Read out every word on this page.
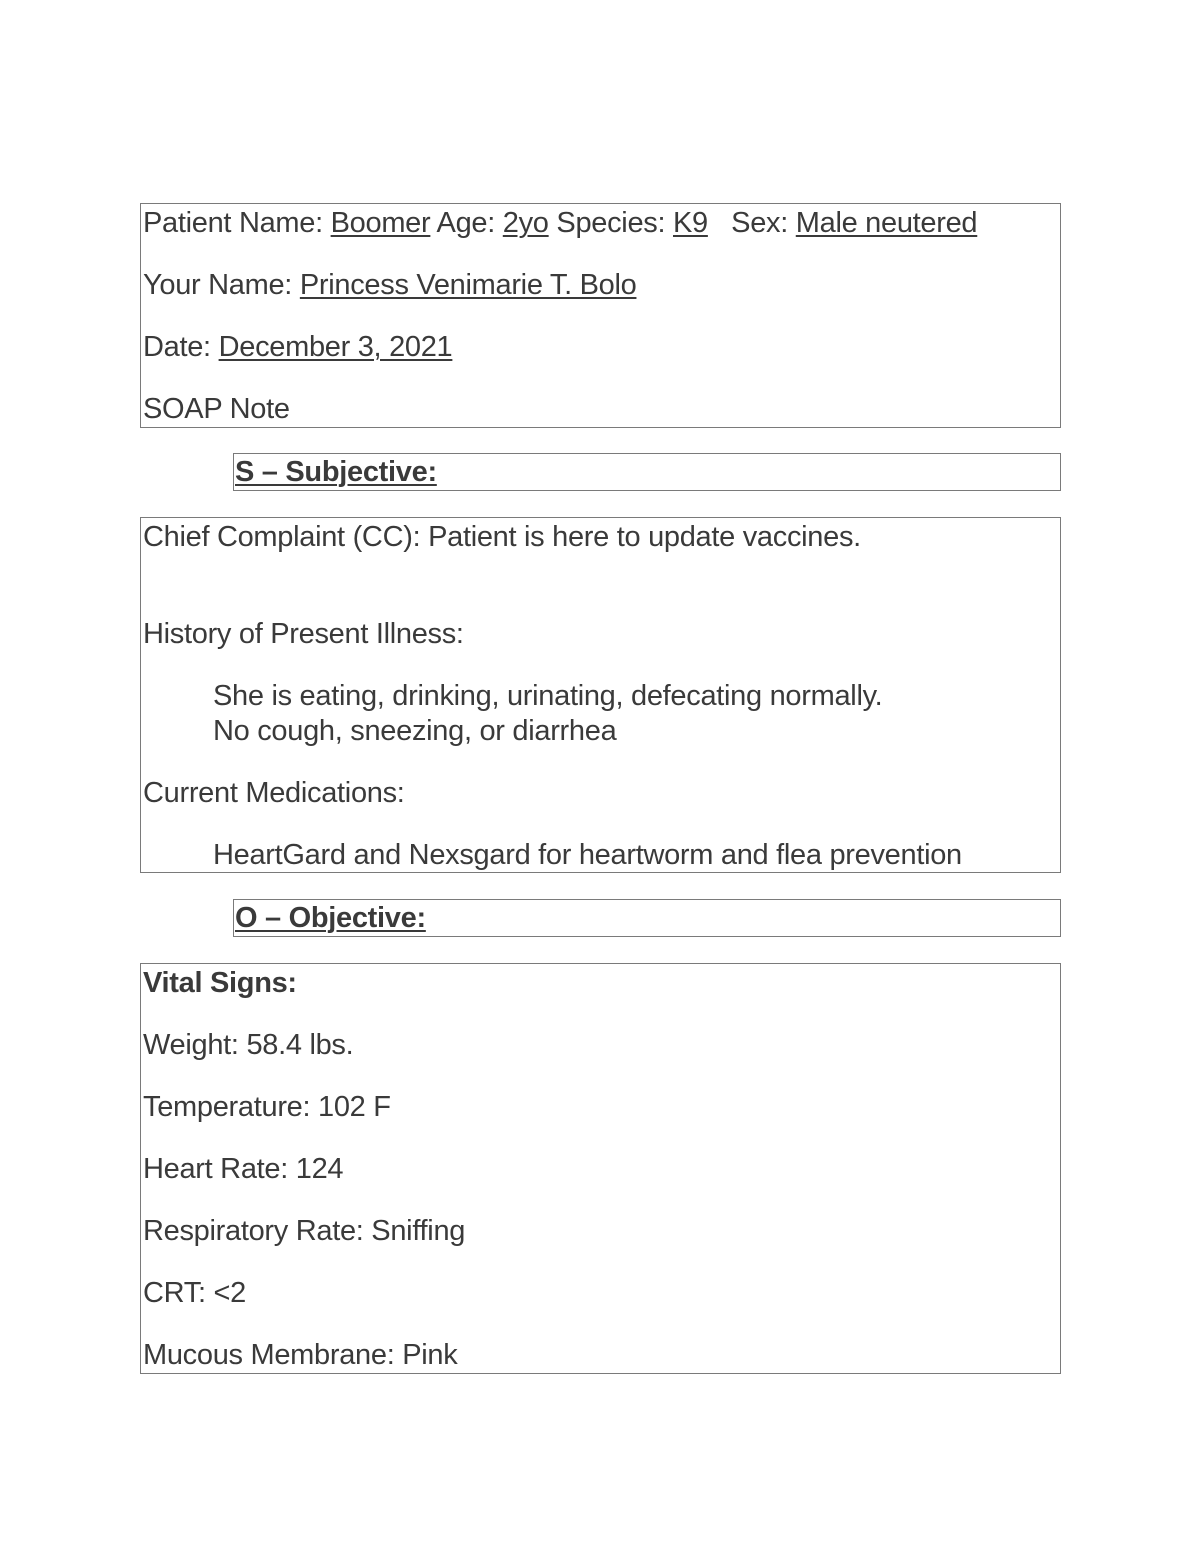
Patient Name: Boomer Age: 2yo Species: K9 Sex: Male neutered
Your Name: Princess Venimarie T. Bolo
Date: December 3, 2021
SOAP Note
S – Subjective:
Chief Complaint (CC): Patient is here to update vaccines.
History of Present Illness:
She is eating, drinking, urinating, defecating normally.
No cough, sneezing, or diarrhea
Current Medications:
HeartGard and Nexsgard for heartworm and flea prevention
O – Objective:
Vital Signs:
Weight: 58.4 lbs.
Temperature: 102 F
Heart Rate: 124
Respiratory Rate: Sniffing
CRT: <2
Mucous Membrane: Pink
